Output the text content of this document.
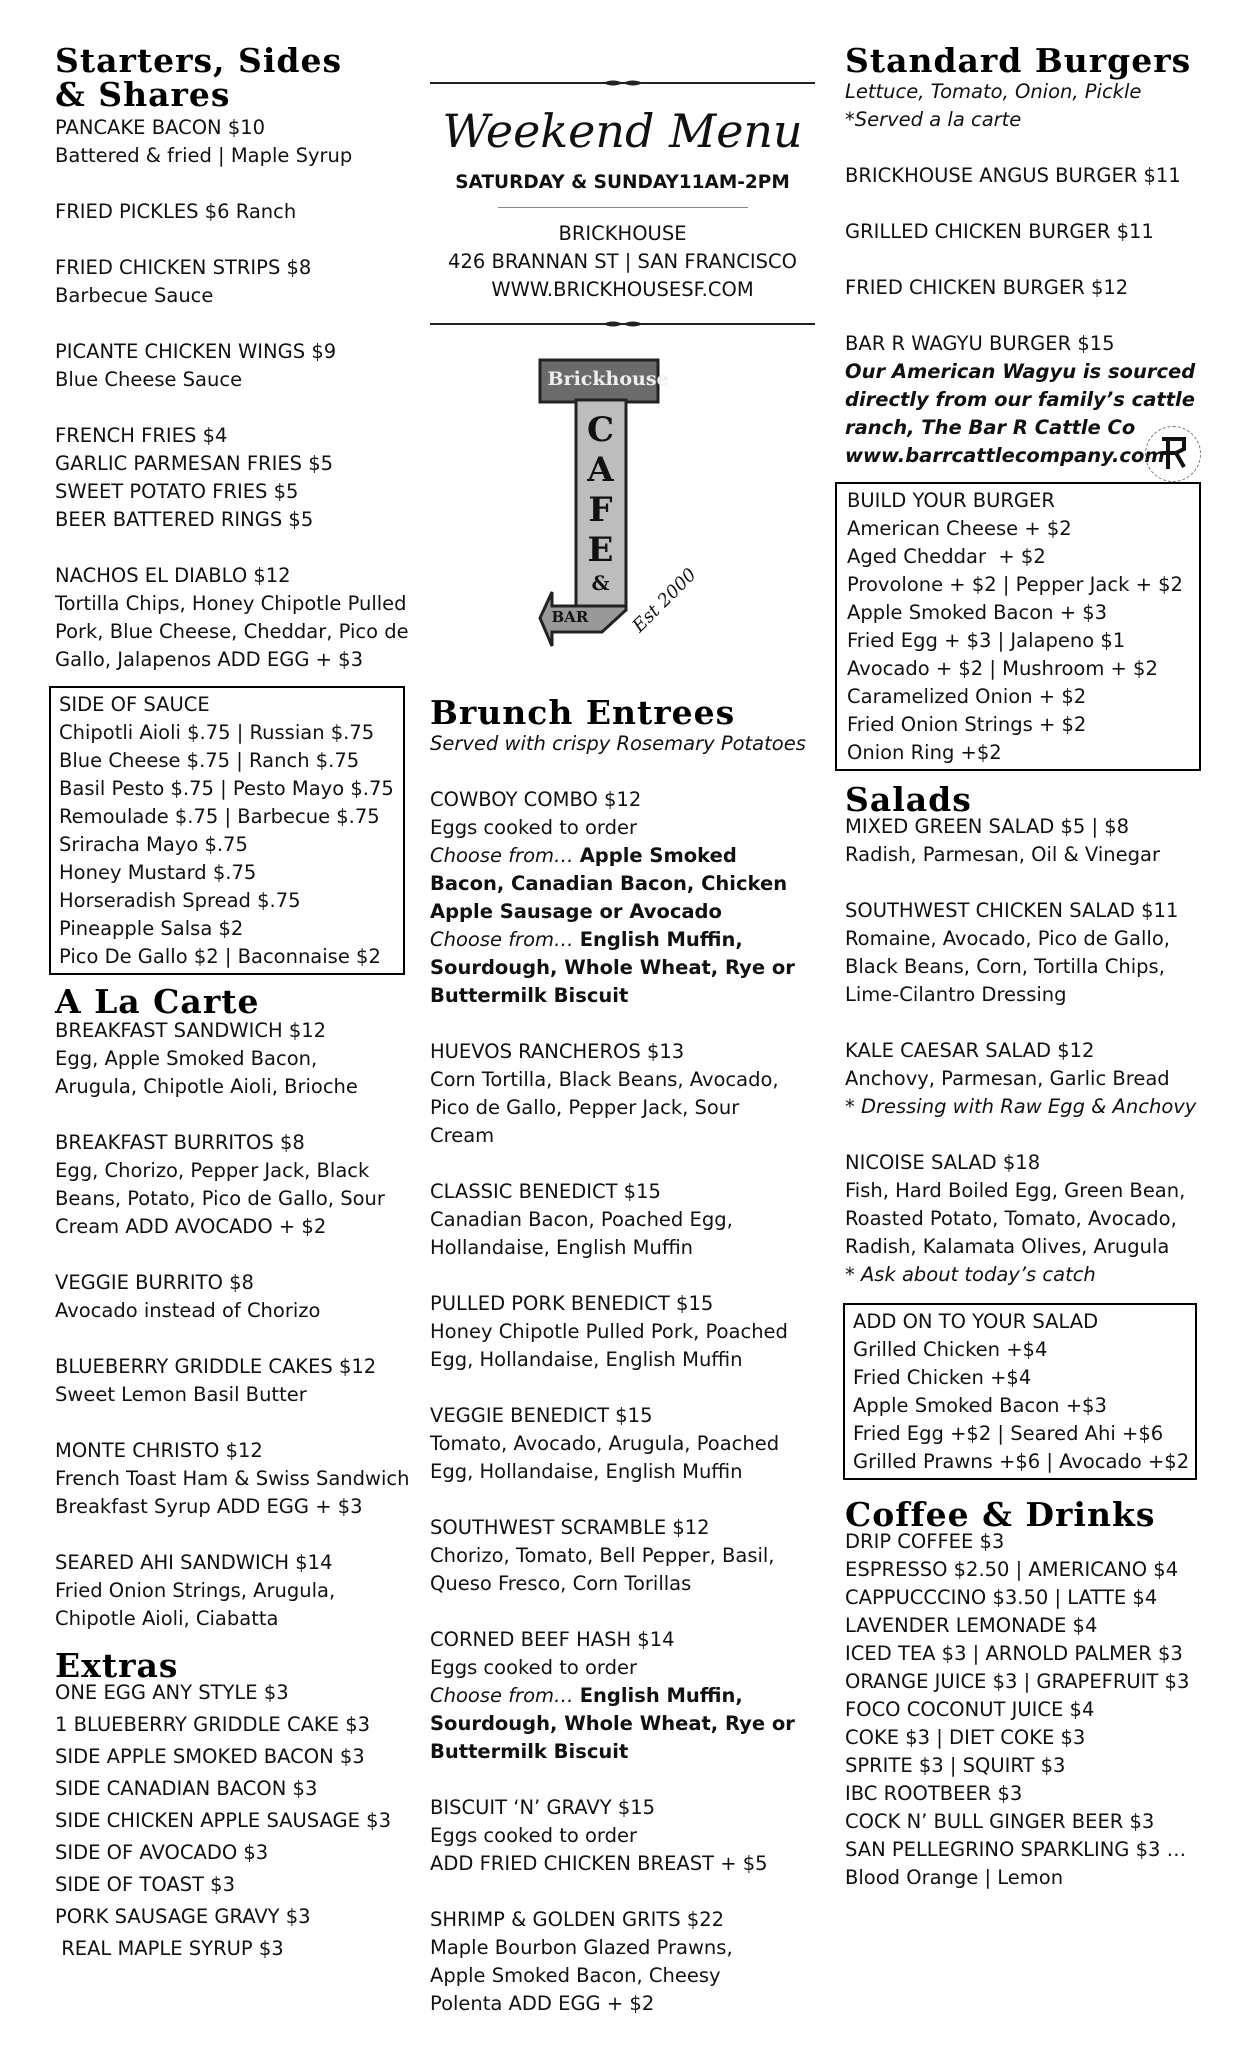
Starters, Sides
& Shares
PANCAKE BACON $10
Battered & fried | Maple Syrup
FRIED PICKLES $6 Ranch
FRIED CHICKEN STRIPS $8
Barbecue Sauce
PICANTE CHICKEN WINGS $9
Blue Cheese Sauce
FRENCH FRIES $4
GARLIC PARMESAN FRIES $5
SWEET POTATO FRIES $5
BEER BATTERED RINGS $5
NACHOS EL DIABLO $12
Tortilla Chips, Honey Chipotle Pulled
Pork, Blue Cheese, Cheddar, Pico de
Gallo, Jalapenos ADD EGG + $3
SIDE OF SAUCE
Chipotli Aioli $.75 | Russian $.75
Blue Cheese $.75 | Ranch $.75
Basil Pesto $.75 | Pesto Mayo $.75
Remoulade $.75 | Barbecue $.75
Sriracha Mayo $.75
Honey Mustard $.75
Horseradish Spread $.75
Pineapple Salsa $2
Pico De Gallo $2 | Baconnaise $2
A La Carte
BREAKFAST SANDWICH $12
Egg, Apple Smoked Bacon,
Arugula, Chipotle Aioli, Brioche
BREAKFAST BURRITOS $8
Egg, Chorizo, Pepper Jack, Black
Beans, Potato, Pico de Gallo, Sour
Cream ADD AVOCADO + $2
VEGGIE BURRITO $8
Avocado instead of Chorizo
BLUEBERRY GRIDDLE CAKES $12
Sweet Lemon Basil Butter
MONTE CHRISTO $12
French Toast Ham & Swiss Sandwich
Breakfast Syrup ADD EGG + $3
SEARED AHI SANDWICH $14
Fried Onion Strings, Arugula,
Chipotle Aioli, Ciabatta
Extras
ONE EGG ANY STYLE $3
1 BLUEBERRY GRIDDLE CAKE $3
SIDE APPLE SMOKED BACON $3
SIDE CANADIAN BACON $3
SIDE CHICKEN APPLE SAUSAGE $3
SIDE OF AVOCADO $3
SIDE OF TOAST $3
PORK SAUSAGE GRAVY $3
REAL MAPLE SYRUP $3
Weekend Menu
SATURDAY & SUNDAY11AM-2PM
BRICKHOUSE
426 BRANNAN ST | SAN FRANCISCO
WWW.BRICKHOUSESF.COM
Brickhouse
C
A
F
E
&
BAR Est 2000
Brunch Entrees
Served with crispy Rosemary Potatoes
COWBOY COMBO $12
Eggs cooked to order
Choose from… Apple Smoked
Bacon, Canadian Bacon, Chicken
Apple Sausage or Avocado
Choose from… English Muffin,
Sourdough, Whole Wheat, Rye or
Buttermilk Biscuit
HUEVOS RANCHEROS $13
Corn Tortilla, Black Beans, Avocado,
Pico de Gallo, Pepper Jack, Sour
Cream
CLASSIC BENEDICT $15
Canadian Bacon, Poached Egg,
Hollandaise, English Muffin
PULLED PORK BENEDICT $15
Honey Chipotle Pulled Pork, Poached
Egg, Hollandaise, English Muffin
VEGGIE BENEDICT $15
Tomato, Avocado, Arugula, Poached
Egg, Hollandaise, English Muffin
SOUTHWEST SCRAMBLE $12
Chorizo, Tomato, Bell Pepper, Basil,
Queso Fresco, Corn Torillas
CORNED BEEF HASH $14
Eggs cooked to order
Choose from… English Muffin,
Sourdough, Whole Wheat, Rye or
Buttermilk Biscuit
BISCUIT ‘N’ GRAVY $15
Eggs cooked to order
ADD FRIED CHICKEN BREAST + $5
SHRIMP & GOLDEN GRITS $22
Maple Bourbon Glazed Prawns,
Apple Smoked Bacon, Cheesy
Polenta ADD EGG + $2
Standard Burgers
Lettuce, Tomato, Onion, Pickle
*Served a la carte
BRICKHOUSE ANGUS BURGER $11
GRILLED CHICKEN BURGER $11
FRIED CHICKEN BURGER $12
BAR R WAGYU BURGER $15
Our American Wagyu is sourced
directly from our family’s cattle
ranch, The Bar R Cattle Co
www.barrcattlecompany.com
BUILD YOUR BURGER
American Cheese + $2
Aged Cheddar  + $2
Provolone + $2 | Pepper Jack + $2
Apple Smoked Bacon + $3
Fried Egg + $3 | Jalapeno $1
Avocado + $2 | Mushroom + $2
Caramelized Onion + $2
Fried Onion Strings + $2
Onion Ring +$2
Salads
MIXED GREEN SALAD $5 | $8
Radish, Parmesan, Oil & Vinegar
SOUTHWEST CHICKEN SALAD $11
Romaine, Avocado, Pico de Gallo,
Black Beans, Corn, Tortilla Chips,
Lime-Cilantro Dressing
KALE CAESAR SALAD $12
Anchovy, Parmesan, Garlic Bread
* Dressing with Raw Egg & Anchovy
NICOISE SALAD $18
Fish, Hard Boiled Egg, Green Bean,
Roasted Potato, Tomato, Avocado,
Radish, Kalamata Olives, Arugula
* Ask about today’s catch
ADD ON TO YOUR SALAD
Grilled Chicken +$4
Fried Chicken +$4
Apple Smoked Bacon +$3
Fried Egg +$2 | Seared Ahi +$6
Grilled Prawns +$6 | Avocado +$2
Coffee & Drinks
DRIP COFFEE $3
ESPRESSO $2.50 | AMERICANO $4
CAPPUCCCINO $3.50 | LATTE $4
LAVENDER LEMONADE $4
ICED TEA $3 | ARNOLD PALMER $3
ORANGE JUICE $3 | GRAPEFRUIT $3
FOCO COCONUT JUICE $4
COKE $3 | DIET COKE $3
SPRITE $3 | SQUIRT $3
IBC ROOTBEER $3
COCK N’ BULL GINGER BEER $3
SAN PELLEGRINO SPARKLING $3 …
Blood Orange | Lemon
